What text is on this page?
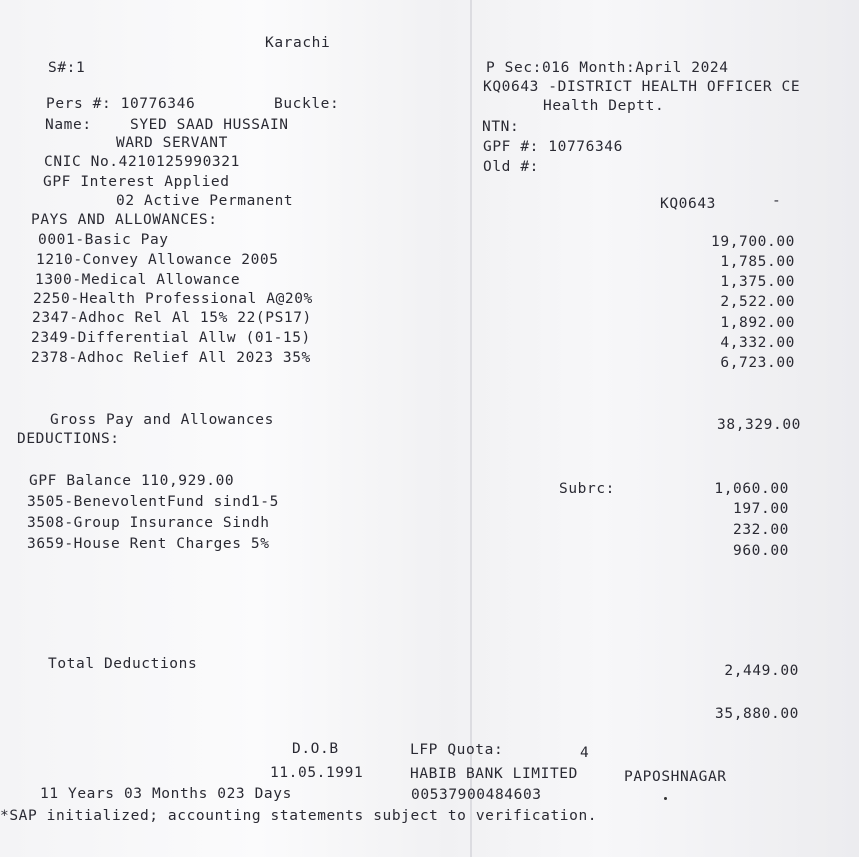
Karachi
S#:1	P Sec:016 Month:April 2024
KQ0643 -DISTRICT HEALTH OFFICER CE
Health Deptt.
Pers #: 10776346	Buckle:
Name:	SYED SAAD HUSSAIN	NTN:
WARD SERVANT	GPF #: 10776346
CNIC No.4210125990321	Old #:
GPF Interest Applied
02 Active Permanent	KQ0643	-
PAYS AND ALLOWANCES:
0001-Basic Pay	19,700.00
1210-Convey Allowance 2005	1,785.00
1300-Medical Allowance	1,375.00
2250-Health Professional A@20%	2,522.00
2347-Adhoc Rel Al 15% 22(PS17)	1,892.00
2349-Differential Allw (01-15)	4,332.00
2378-Adhoc Relief All 2023 35%	6,723.00
Gross Pay and Allowances	38,329.00
DEDUCTIONS:
GPF Balance 110,929.00	Subrc:	1,060.00
3505-BenevolentFund sind1-5	197.00
3508-Group Insurance Sindh	232.00
3659-House Rent Charges 5%	960.00
Total Deductions	2,449.00
35,880.00
D.O.B	LFP Quota:	4
11.05.1991	HABIB BANK LIMITED	PAPOSHNAGAR
11 Years 03 Months 023 Days	00537900484603
*SAP initialized; accounting statements subject to verification.
